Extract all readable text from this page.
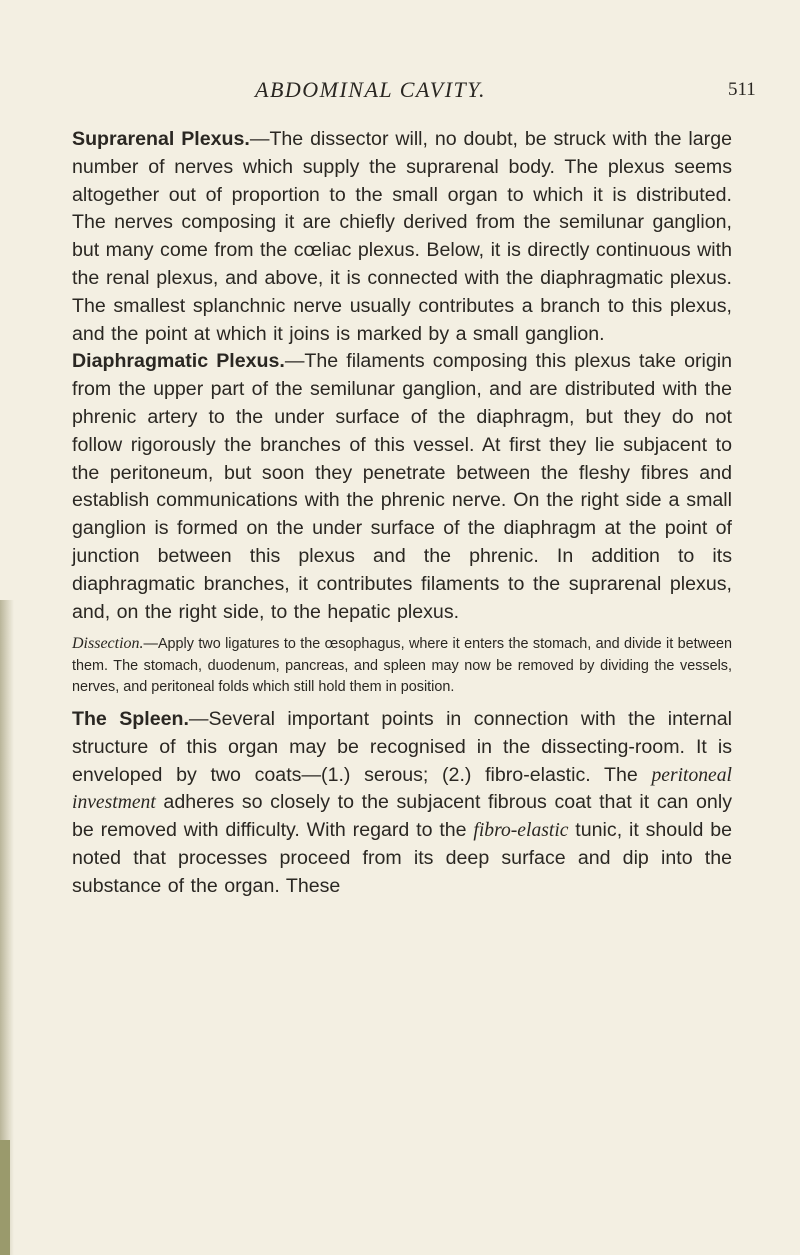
ABDOMINAL CAVITY.	511

Suprarenal Plexus.—The dissector will, no doubt, be struck with the large number of nerves which supply the suprarenal body. The plexus seems altogether out of proportion to the small organ to which it is distributed. The nerves composing it are chiefly derived from the semilunar ganglion, but many come from the cœliac plexus. Below, it is directly continuous with the renal plexus, and above, it is connected with the diaphragmatic plexus. The smallest splanchnic nerve usually contributes a branch to this plexus, and the point at which it joins is marked by a small ganglion.

Diaphragmatic Plexus.—The filaments composing this plexus take origin from the upper part of the semilunar ganglion, and are distributed with the phrenic artery to the under surface of the diaphragm, but they do not follow rigorously the branches of this vessel. At first they lie subjacent to the peritoneum, but soon they penetrate between the fleshy fibres and establish communications with the phrenic nerve. On the right side a small ganglion is formed on the under surface of the diaphragm at the point of junction between this plexus and the phrenic. In addition to its diaphragmatic branches, it contributes filaments to the suprarenal plexus, and, on the right side, to the hepatic plexus.

Dissection.—Apply two ligatures to the œsophagus, where it enters the stomach, and divide it between them. The stomach, duodenum, pancreas, and spleen may now be removed by dividing the vessels, nerves, and peritoneal folds which still hold them in position.

The Spleen.—Several important points in connection with the internal structure of this organ may be recognised in the dissecting-room. It is enveloped by two coats—(1.) serous; (2.) fibro-elastic. The peritoneal investment adheres so closely to the subjacent fibrous coat that it can only be removed with difficulty. With regard to the fibro-elastic tunic, it should be noted that processes proceed from its deep surface and dip into the substance of the organ. These
